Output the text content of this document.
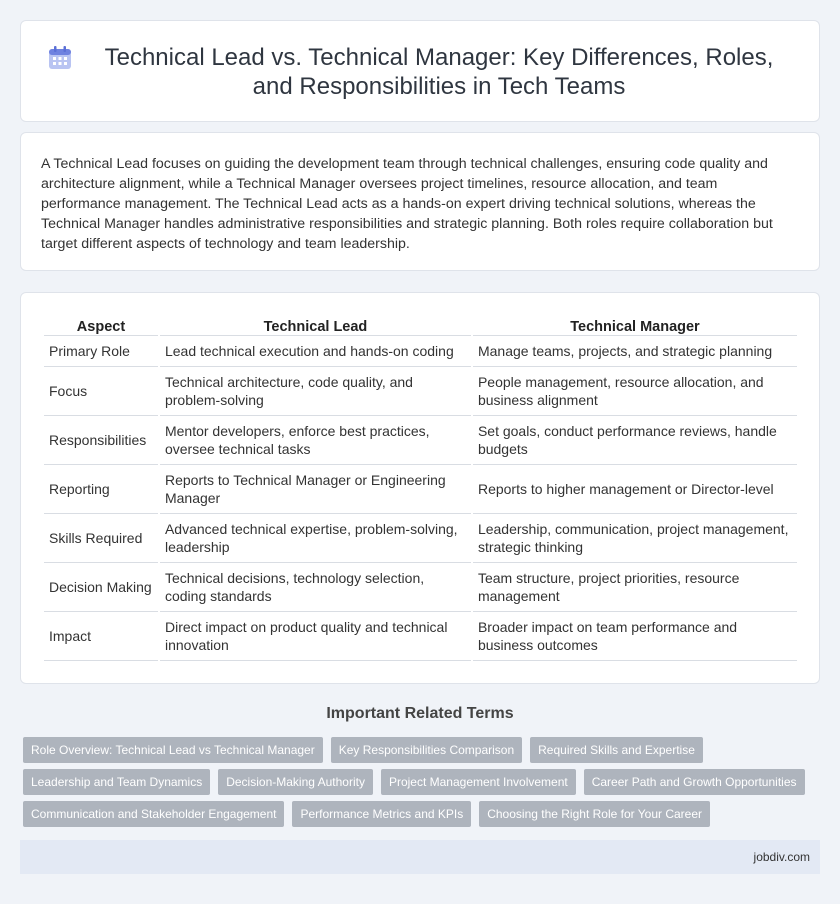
Technical Lead vs. Technical Manager: Key Differences, Roles, and Responsibilities in Tech Teams

A Technical Lead focuses on guiding the development team through technical challenges, ensuring code quality and architecture alignment, while a Technical Manager oversees project timelines, resource allocation, and team performance management. The Technical Lead acts as a hands-on expert driving technical solutions, whereas the Technical Manager handles administrative responsibilities and strategic planning. Both roles require collaboration but target different aspects of technology and team leadership.

Aspect	Technical Lead	Technical Manager
Primary Role	Lead technical execution and hands-on coding	Manage teams, projects, and strategic planning
Focus	Technical architecture, code quality, and problem-solving	People management, resource allocation, and business alignment
Responsibilities	Mentor developers, enforce best practices, oversee technical tasks	Set goals, conduct performance reviews, handle budgets
Reporting	Reports to Technical Manager or Engineering Manager	Reports to higher management or Director-level
Skills Required	Advanced technical expertise, problem-solving, leadership	Leadership, communication, project management, strategic thinking
Decision Making	Technical decisions, technology selection, coding standards	Team structure, project priorities, resource management
Impact	Direct impact on product quality and technical innovation	Broader impact on team performance and business outcomes
Important Related Terms
Role Overview: Technical Lead vs Technical Manager	Key Responsibilities Comparison	Required Skills and Expertise
Leadership and Team Dynamics	Decision-Making Authority	Project Management Involvement	Career Path and Growth Opportunities
Communication and Stakeholder Engagement	Performance Metrics and KPIs	Choosing the Right Role for Your Career
jobdiv.com
